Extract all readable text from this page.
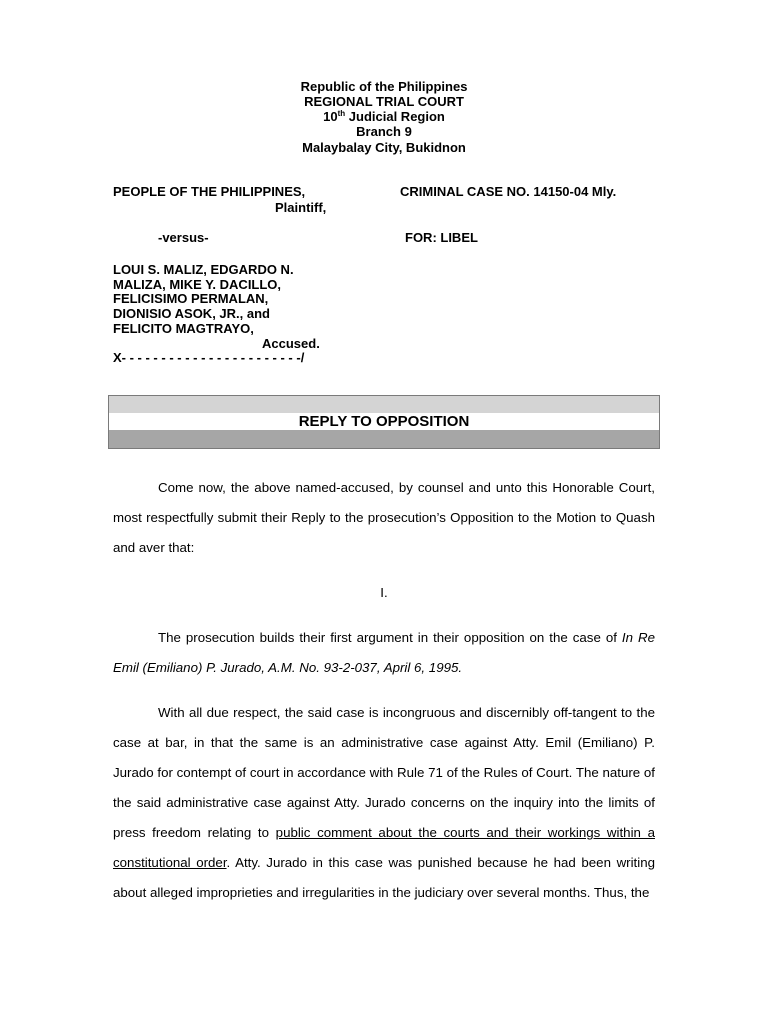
Republic of the Philippines
REGIONAL TRIAL COURT
10th Judicial Region
Branch 9
Malaybalay City, Bukidnon
PEOPLE OF THE PHILIPPINES,
Plaintiff,
CRIMINAL CASE NO. 14150-04 Mly.
-versus-	FOR: LIBEL
LOUI S. MALIZ, EDGARDO N.
MALIZA, MIKE Y. DACILLO,
FELICISIMO PERMALAN,
DIONISIO ASOK, JR., and
FELICITO MAGTRAYO,
Accused.
X- - - - - - - - - - - - - - - - - - - - - - -/
REPLY TO OPPOSITION
Come now, the above named-accused, by counsel and unto this Honorable Court, most respectfully submit their Reply to the prosecution’s Opposition to the Motion to Quash and aver that:
I.
The prosecution builds their first argument in their opposition on the case of In Re Emil (Emiliano) P. Jurado, A.M. No. 93-2-037, April 6, 1995.
With all due respect, the said case is incongruous and discernibly off-tangent to the case at bar, in that the same is an administrative case against Atty. Emil (Emiliano) P. Jurado for contempt of court in accordance with Rule 71 of the Rules of Court. The nature of the said administrative case against Atty. Jurado concerns on the inquiry into the limits of press freedom relating to public comment about the courts and their workings within a constitutional order. Atty. Jurado in this case was punished because he had been writing about alleged improprieties and irregularities in the judiciary over several months. Thus, the
